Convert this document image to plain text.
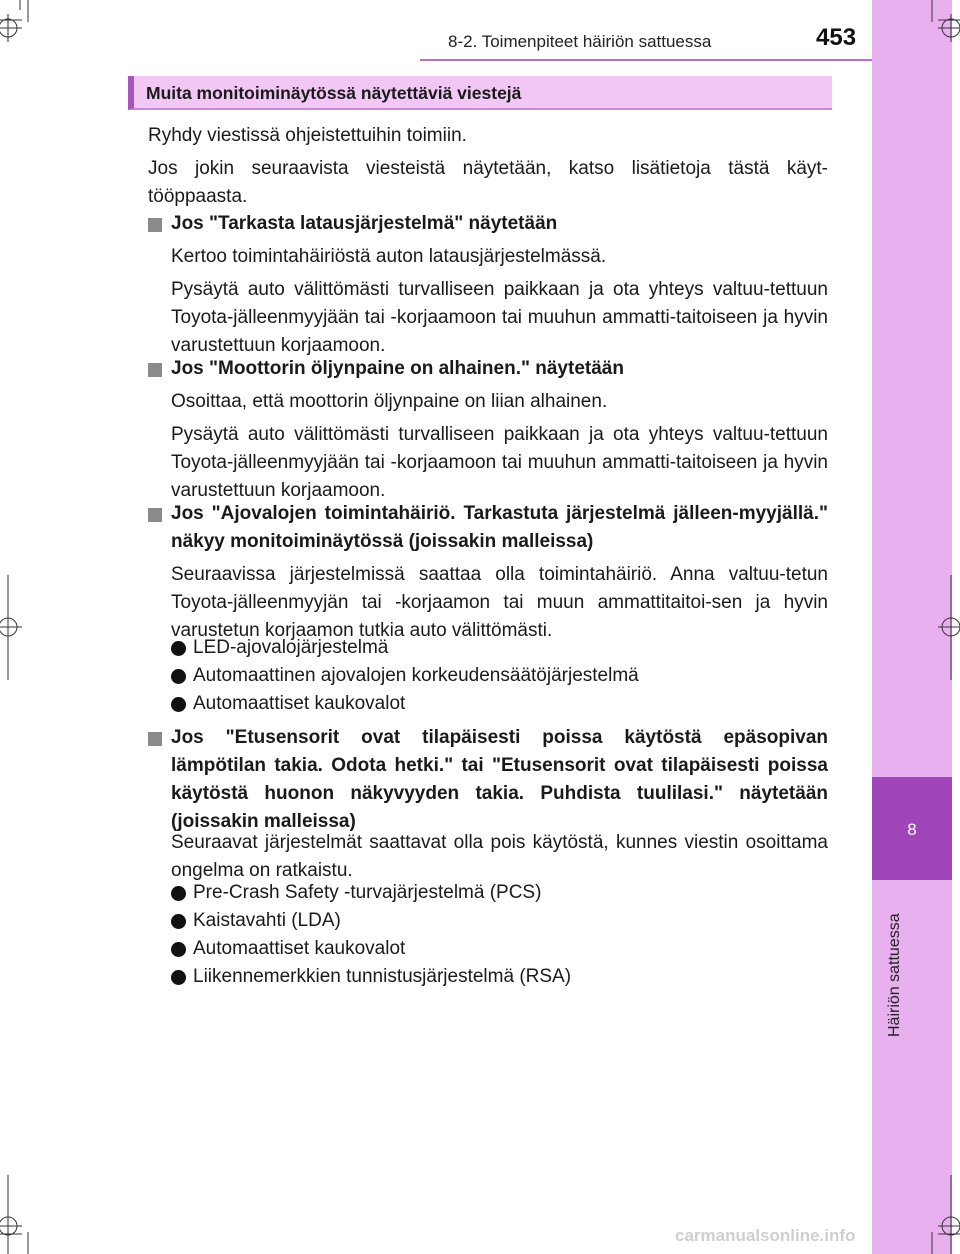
8-2. Toimenpiteet häiriön sattuessa	453
8
Häiriön sattuessa
Muita monitoiminäytössä näytettäviä viestejä
Ryhdy viestissä ohjeistettuihin toimiin.
Jos jokin seuraavista viesteistä näytetään, katso lisätietoja tästä käyt-tööppaasta.
Jos "Tarkasta latausjärjestelmä" näytetään
Kertoo toimintahäiriöstä auton latausjärjestelmässä.
Pysäytä auto välittömästi turvalliseen paikkaan ja ota yhteys valtuu-tettuun Toyota-jälleenmyyjään tai -korjaamoon tai muuhun ammatti-taitoiseen ja hyvin varustettuun korjaamoon.
Jos "Moottorin öljynpaine on alhainen." näytetään
Osoittaa, että moottorin öljynpaine on liian alhainen.
Pysäytä auto välittömästi turvalliseen paikkaan ja ota yhteys valtuu-tettuun Toyota-jälleenmyyjään tai -korjaamoon tai muuhun ammatti-taitoiseen ja hyvin varustettuun korjaamoon.
Jos "Ajovalojen toimintahäiriö. Tarkastuta järjestelmä jälleen-myyjällä." näkyy monitoiminäytössä (joissakin malleissa)
Seuraavissa järjestelmissä saattaa olla toimintahäiriö. Anna valtuu-tetun Toyota-jälleenmyyjän tai -korjaamon tai muun ammattitaitoi-sen ja hyvin varustetun korjaamon tutkia auto välittömästi.
LED-ajovalojärjestelmä
Automaattinen ajovalojen korkeudensäätöjärjestelmä
Automaattiset kaukovalot
Jos "Etusensorit ovat tilapäisesti poissa käytöstä epäsopivan lämpötilan takia. Odota hetki." tai "Etusensorit ovat tilapäisesti poissa käytöstä huonon näkyvyyden takia. Puhdista tuulilasi." näytetään (joissakin malleissa)
Seuraavat järjestelmät saattavat olla pois käytöstä, kunnes viestin osoittama ongelma on ratkaistu.
Pre-Crash Safety -turvajärjestelmä (PCS)
Kaistavahti (LDA)
Automaattiset kaukovalot
Liikennemerkkien tunnistusjärjestelmä (RSA)
carmanualsonline.info
